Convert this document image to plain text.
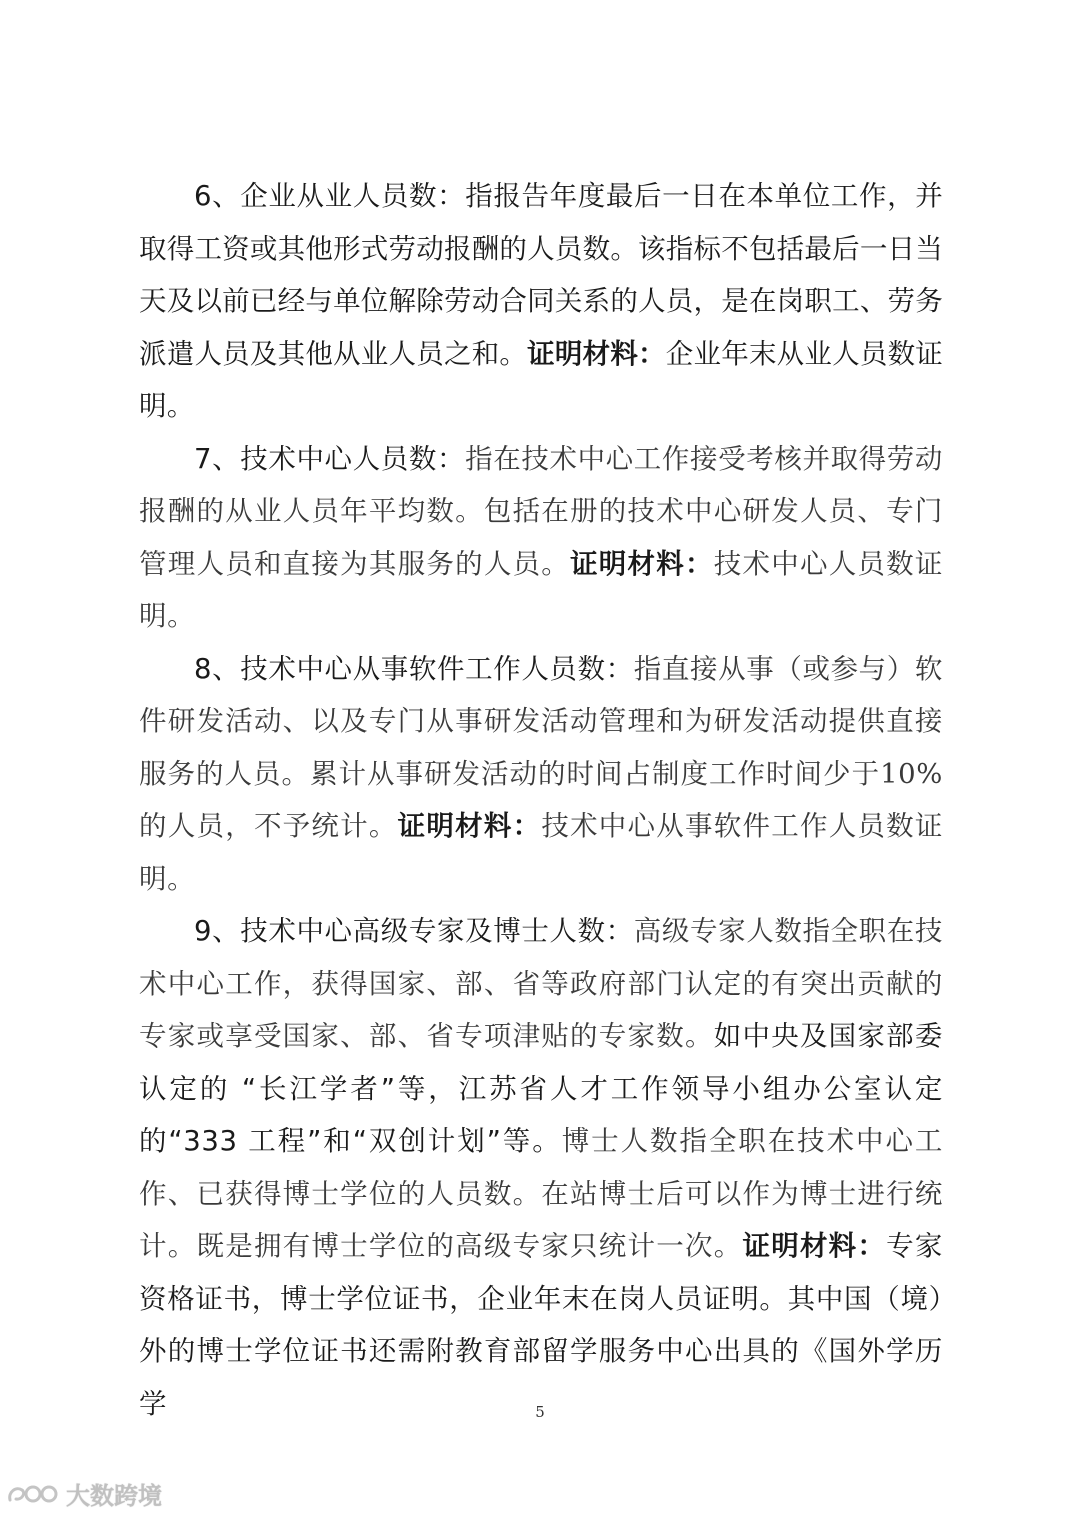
6、企业从业人员数：指报告年度最后一日在本单位工作，并取得工资或其他形式劳动报酬的人员数。该指标不包括最后一日当天及以前已经与单位解除劳动合同关系的人员，是在岗职工、劳务派遣人员及其他从业人员之和。证明材料：企业年末从业人员数证明。

7、技术中心人员数：指在技术中心工作接受考核并取得劳动报酬的从业人员年平均数。包括在册的技术中心研发人员、专门管理人员和直接为其服务的人员。证明材料：技术中心人员数证明。

8、技术中心从事软件工作人员数：指直接从事（或参与）软件研发活动、以及专门从事研发活动管理和为研发活动提供直接服务的人员。累计从事研发活动的时间占制度工作时间少于10%的人员，不予统计。证明材料：技术中心从事软件工作人员数证明。

9、技术中心高级专家及博士人数：高级专家人数指全职在技术中心工作，获得国家、部、省等政府部门认定的有突出贡献的专家或享受国家、部、省专项津贴的专家数。如中央及国家部委认定的 “长江学者”等，江苏省人才工作领导小组办公室认定的“333 工程”和“双创计划”等。博士人数指全职在技术中心工作、已获得博士学位的人员数。在站博士后可以作为博士进行统计。既是拥有博士学位的高级专家只统计一次。证明材料：专家资格证书，博士学位证书，企业年末在岗人员证明。其中国（境）外的博士学位证书还需附教育部留学服务中心出具的《国外学历学	5
大数跨境
